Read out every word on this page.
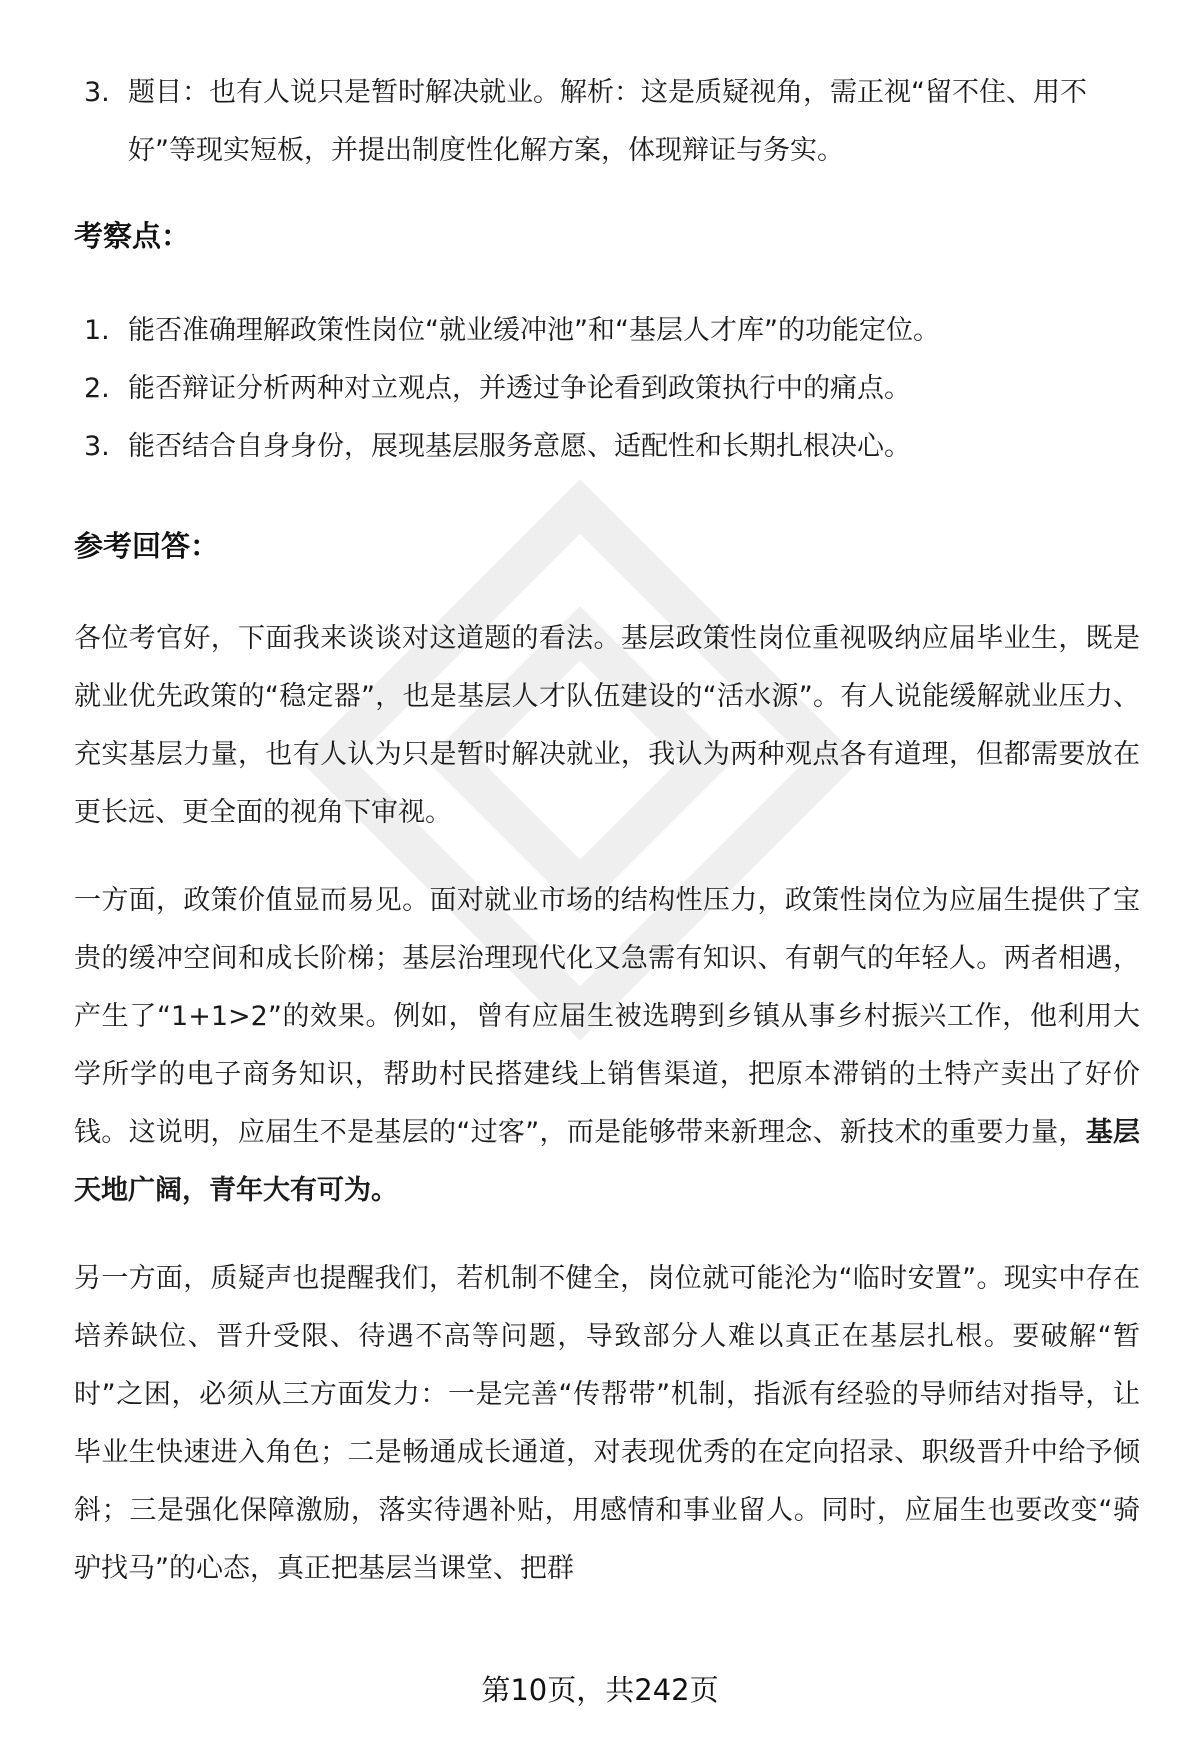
3. 题目：也有人说只是暂时解决就业。解析：这是质疑视角，需正视“留不住、用不好”等现实短板，并提出制度性化解方案，体现辩证与务实。
考察点：
1. 能否准确理解政策性岗位“就业缓冲池”和“基层人才库”的功能定位。
2. 能否辩证分析两种对立观点，并透过争论看到政策执行中的痛点。
3. 能否结合自身身份，展现基层服务意愿、适配性和长期扎根决心。
参考回答：

各位考官好，下面我来谈谈对这道题的看法。基层政策性岗位重视吸纳应届毕业生，既是就业优先政策的“稳定器”，也是基层人才队伍建设的“活水源”。有人说能缓解就业压力、充实基层力量，也有人认为只是暂时解决就业，我认为两种观点各有道理，但都需要放在更长远、更全面的视角下审视。

一方面，政策价值显而易见。面对就业市场的结构性压力，政策性岗位为应届生提供了宝贵的缓冲空间和成长阶梯；基层治理现代化又急需有知识、有朝气的年轻人。两者相遇，产生了“1+1>2”的效果。例如，曾有应届生被选聘到乡镇从事乡村振兴工作，他利用大学所学的电子商务知识，帮助村民搭建线上销售渠道，把原本滞销的土特产卖出了好价钱。这说明，应届生不是基层的“过客”，而是能够带来新理念、新技术的重要力量，基层天地广阔，青年大有可为。

另一方面，质疑声也提醒我们，若机制不健全，岗位就可能沦为“临时安置”。现实中存在培养缺位、晋升受限、待遇不高等问题，导致部分人难以真正在基层扎根。要破解“暂时”之困，必须从三方面发力：一是完善“传帮带”机制，指派有经验的导师结对指导，让毕业生快速进入角色；二是畅通成长通道，对表现优秀的在定向招录、职级晋升中给予倾斜；三是强化保障激励，落实待遇补贴，用感情和事业留人。同时，应届生也要改变“骑驴找马”的心态，真正把基层当课堂、把群

第10页，共242页
